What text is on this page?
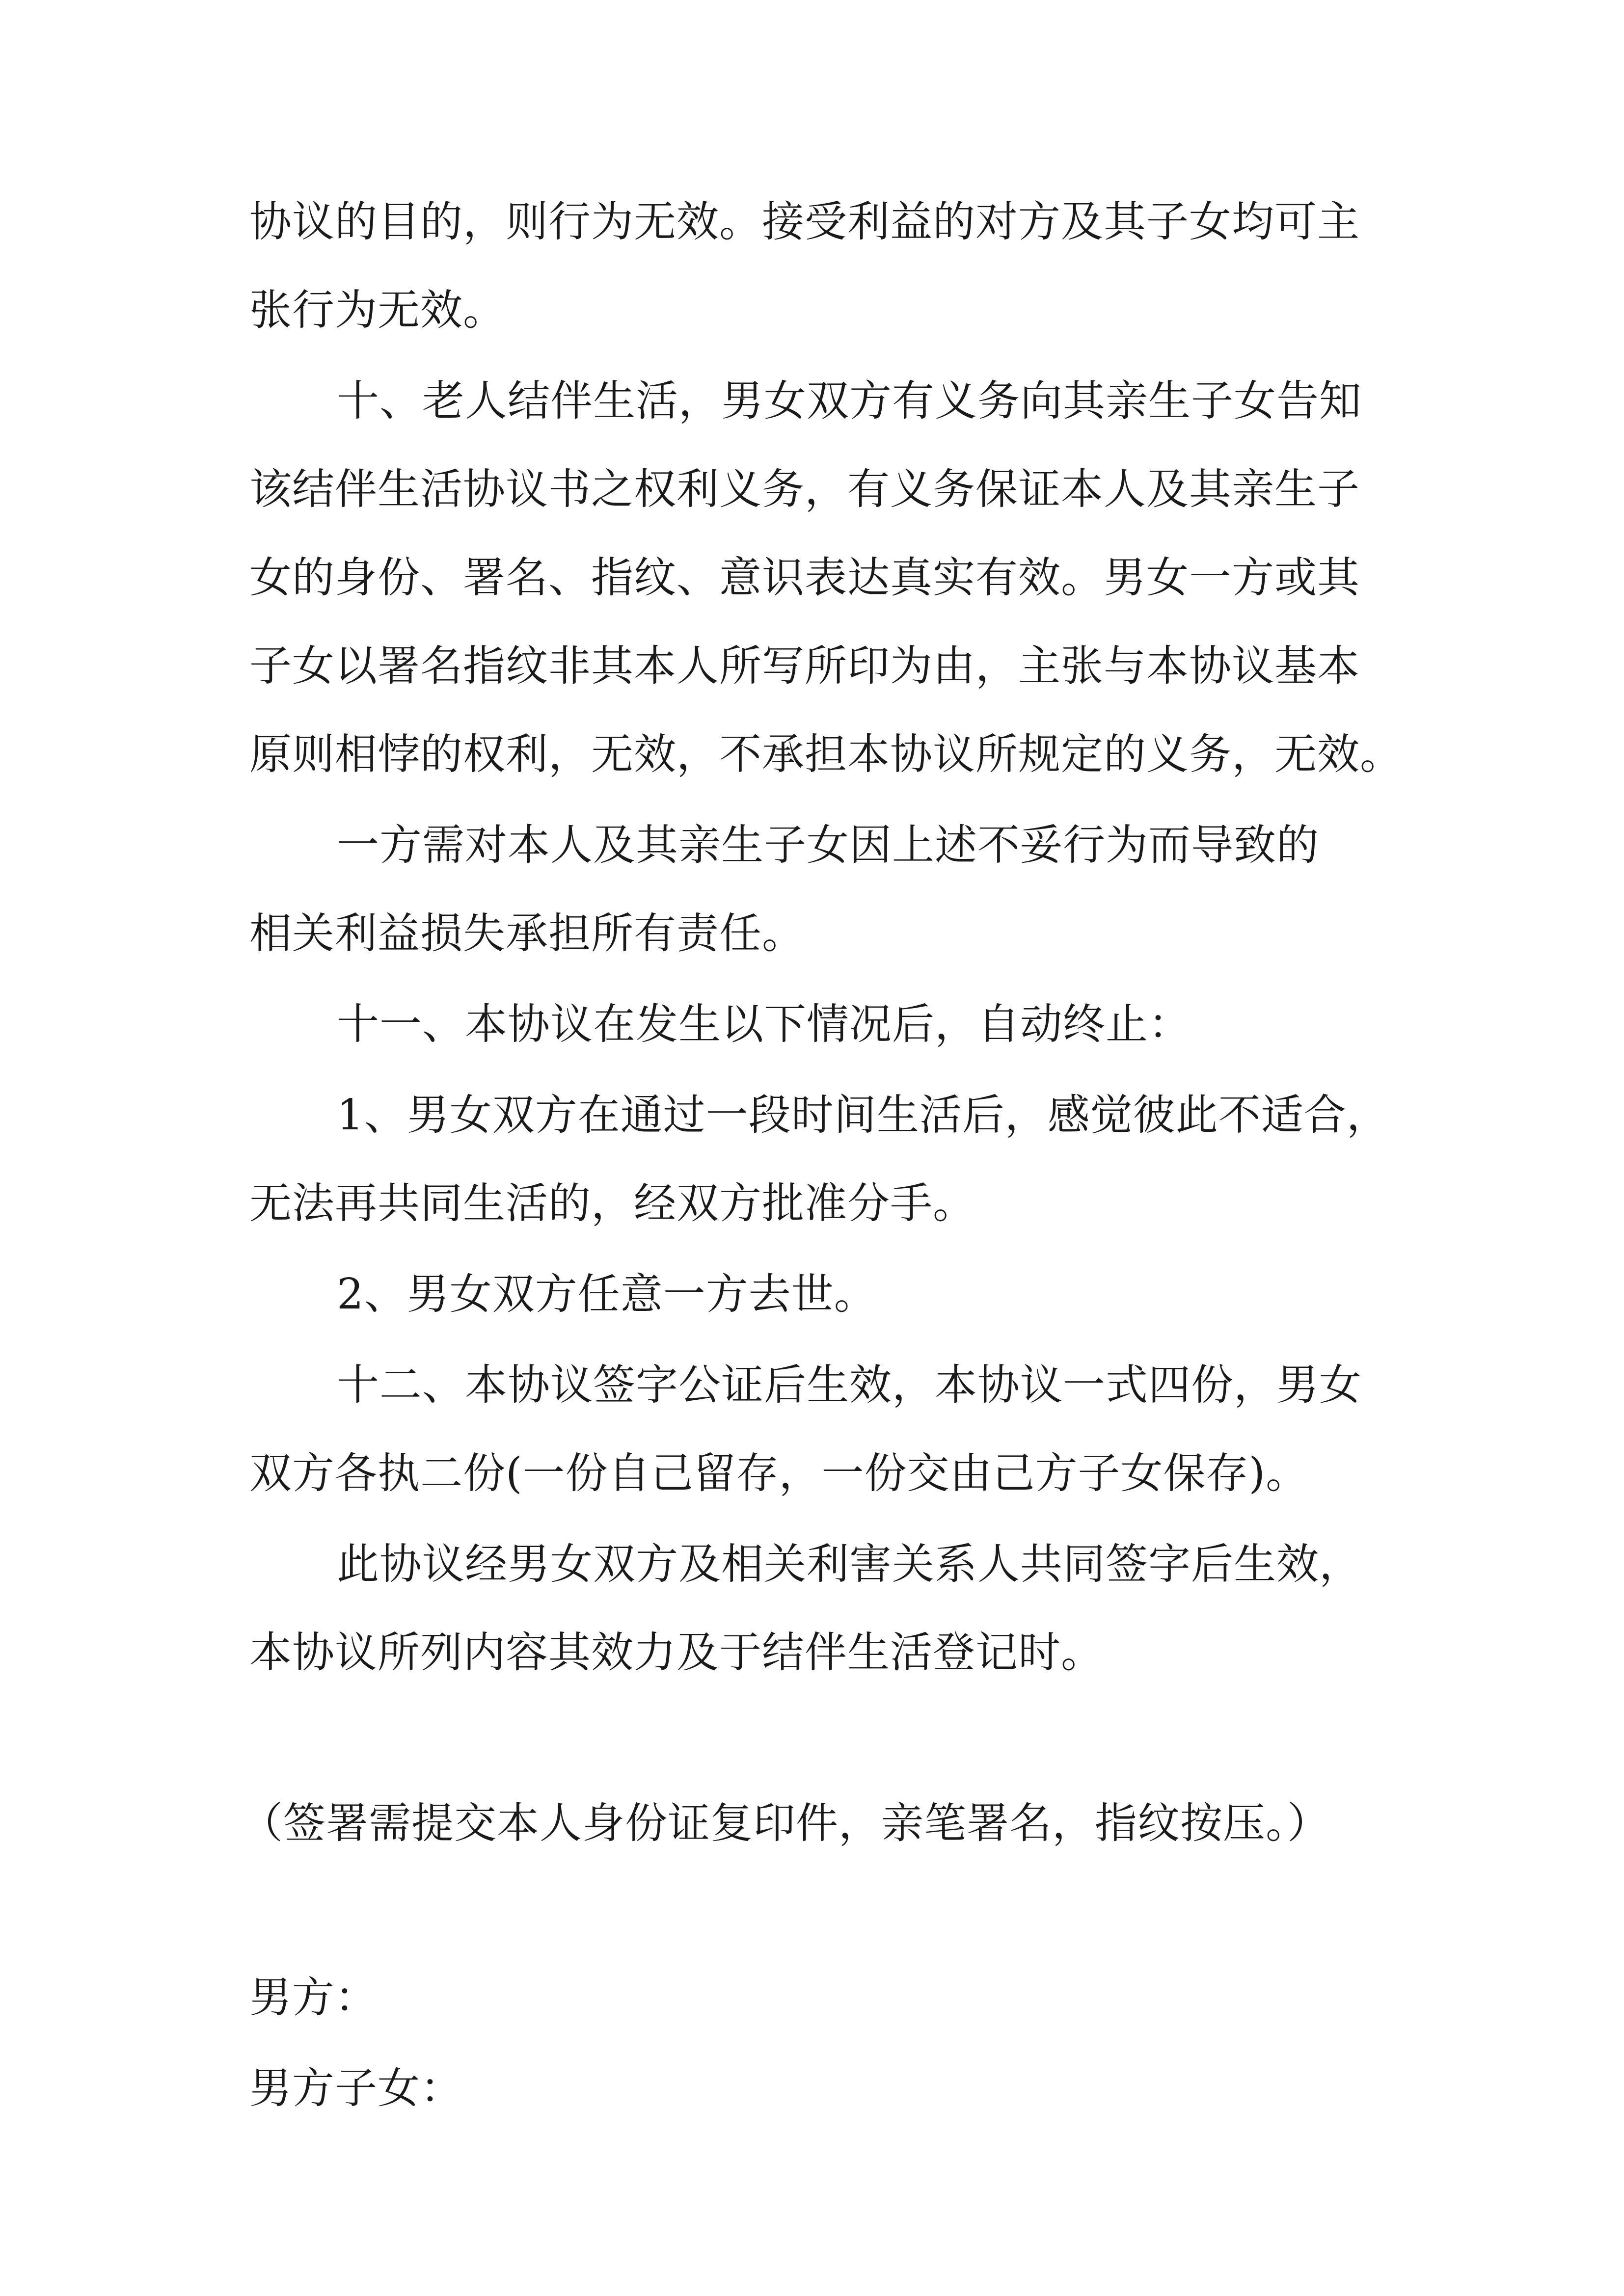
协议的目的，则行为无效。接受利益的对方及其子女均可主
张行为无效。
十、老人结伴生活，男女双方有义务向其亲生子女告知
该结伴生活协议书之权利义务，有义务保证本人及其亲生子
女的身份、署名、指纹、意识表达真实有效。男女一方或其
子女以署名指纹非其本人所写所印为由，主张与本协议基本
原则相悖的权利，无效，不承担本协议所规定的义务，无效。
一方需对本人及其亲生子女因上述不妥行为而导致的
相关利益损失承担所有责任。
十一、本协议在发生以下情况后，自动终止：
1、男女双方在通过一段时间生活后，感觉彼此不适合，
无法再共同生活的，经双方批准分手。
2、男女双方任意一方去世。
十二、本协议签字公证后生效，本协议一式四份，男女
双方各执二份(一份自己留存，一份交由己方子女保存)。
此协议经男女双方及相关利害关系人共同签字后生效，
本协议所列内容其效力及于结伴生活登记时。
（签署需提交本人身份证复印件，亲笔署名，指纹按压。）
男方：
男方子女：
